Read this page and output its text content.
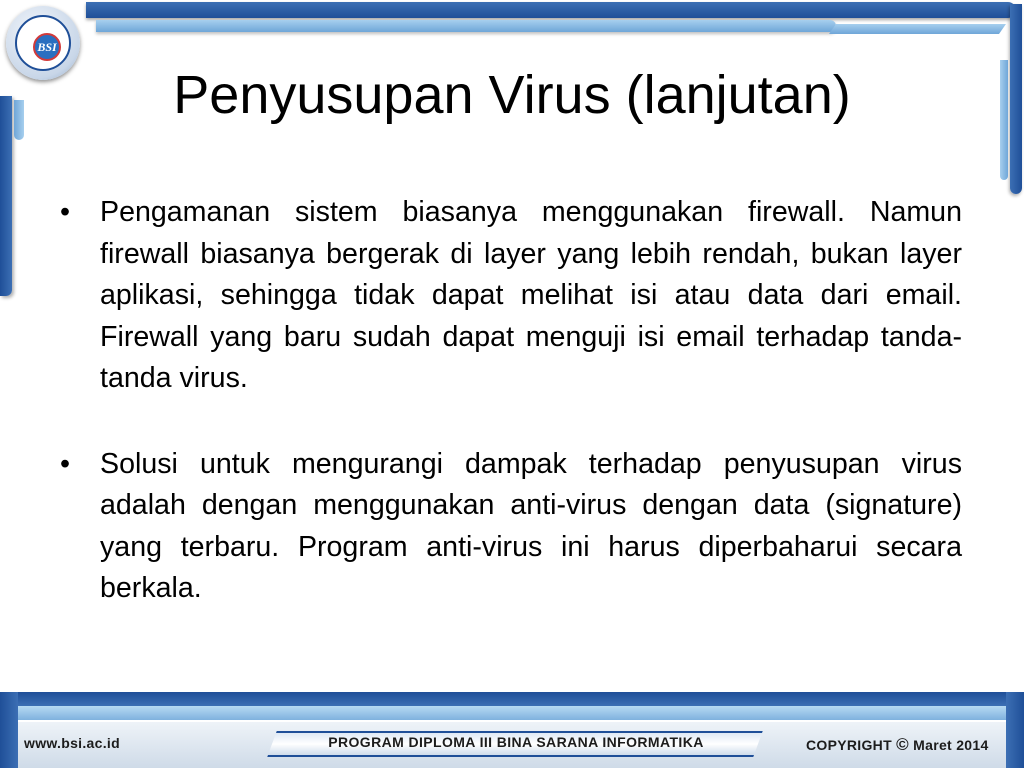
BSI
Penyusupan Virus (lanjutan)
• Pengamanan sistem biasanya menggunakan firewall. Namun firewall biasanya bergerak di layer yang lebih rendah, bukan layer aplikasi, sehingga tidak dapat melihat isi atau data dari email. Firewall yang baru sudah dapat menguji isi email terhadap tanda-tanda virus.
• Solusi untuk mengurangi dampak terhadap penyusupan virus adalah dengan menggunakan anti-virus dengan data (signature) yang terbaru. Program anti-virus ini harus diperbaharui secara berkala.
www.bsi.ac.id	PROGRAM DIPLOMA III BINA SARANA INFORMATIKA	COPYRIGHT © Maret 2014
